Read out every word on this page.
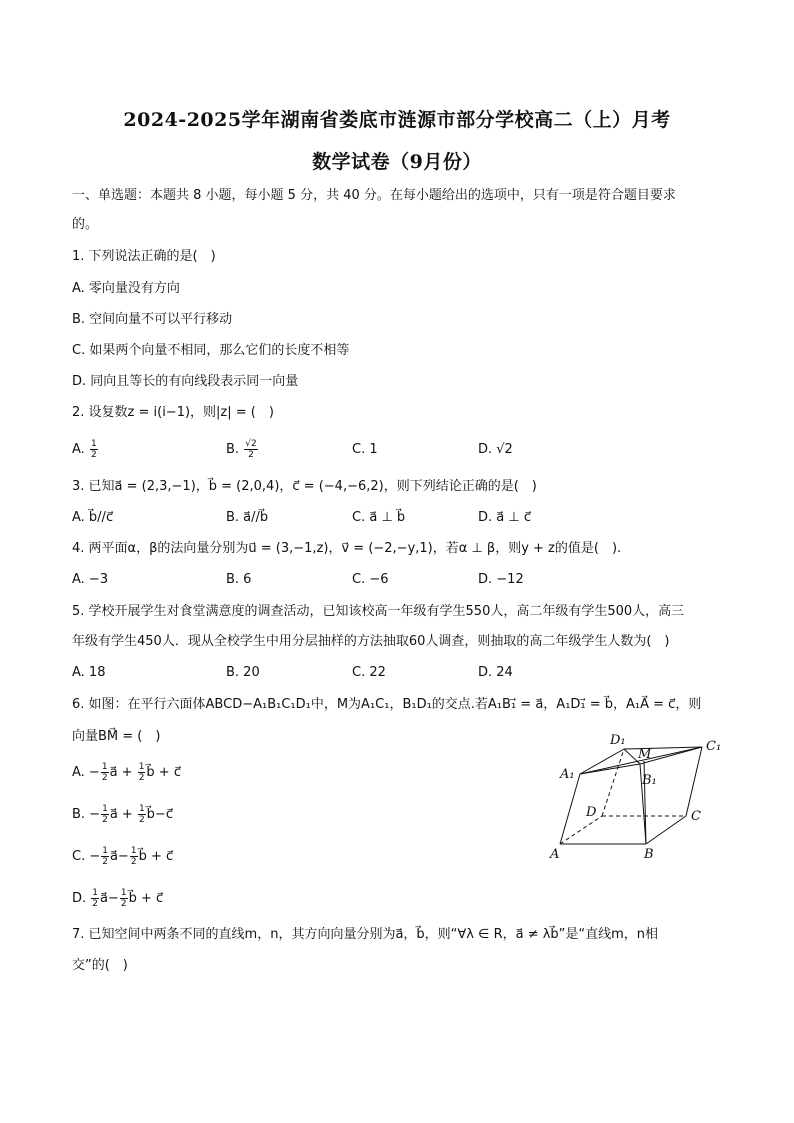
2024-2025学年湖南省娄底市涟源市部分学校高二（上）月考
数学试卷（9月份）
一、单选题：本题共 8 小题，每小题 5 分，共 40 分。在每小题给出的选项中，只有一项是符合题目要求
的。
1. 下列说法正确的是(　)
A. 零向量没有方向
B. 空间向量不可以平行移动
C. 如果两个向量不相同，那么它们的长度不相等
D. 同向且等长的有向线段表示同一向量
2. 设复数z = i(i−1)，则|z| = (　)
A. $\frac{1}{2}$	B. $\frac{√2}{2}$	C. 1	D. √2
3. 已知a⃗ = (2,3,−1)，b⃗ = (2,0,4)，c⃗ = (−4,−6,2)，则下列结论正确的是(　)
A. b⃗//c⃗	B. a⃗//b⃗	C. a⃗ ⊥ b⃗	D. a⃗ ⊥ c⃗
4. 两平面α，β的法向量分别为u⃗ = (3,−1,z)，v⃗ = (−2,−y,1)，若α ⊥ β，则y + z的值是(　).
A. −3	B. 6	C. −6	D. −12
5. 学校开展学生对食堂满意度的调查活动，已知该校高一年级有学生550人，高二年级有学生500人，高三
年级有学生450人．现从全校学生中用分层抽样的方法抽取60人调查，则抽取的高二年级学生人数为(　)
A. 18	B. 20	C. 22	D. 24
6. 如图：在平行六面体ABCD−A₁B₁C₁D₁中，M为A₁C₁，B₁D₁的交点.若A₁B₁⃗ = a⃗，A₁D₁⃗ = b⃗，A₁A⃗ = c⃗，则
向量BM⃗ = (　)
A. − $\frac{1}{2}$ a⃗ + $\frac{1}{2}$ b⃗ + c⃗
B. − $\frac{1}{2}$ a⃗ + $\frac{1}{2}$ b⃗−c⃗
C. − $\frac{1}{2}$ a⃗− $\frac{1}{2}$ b⃗ + c⃗
D. $\frac{1}{2}$ a⃗− $\frac{1}{2}$ b⃗ + c⃗
A	B
C
D
A₁	B₁
C₁
D₁
M
7. 已知空间中两条不同的直线m，n，其方向向量分别为a⃗，b⃗，则“∀λ ∈ R，a⃗ ≠ λb⃗”是“直线m，n相
交”的(　)
